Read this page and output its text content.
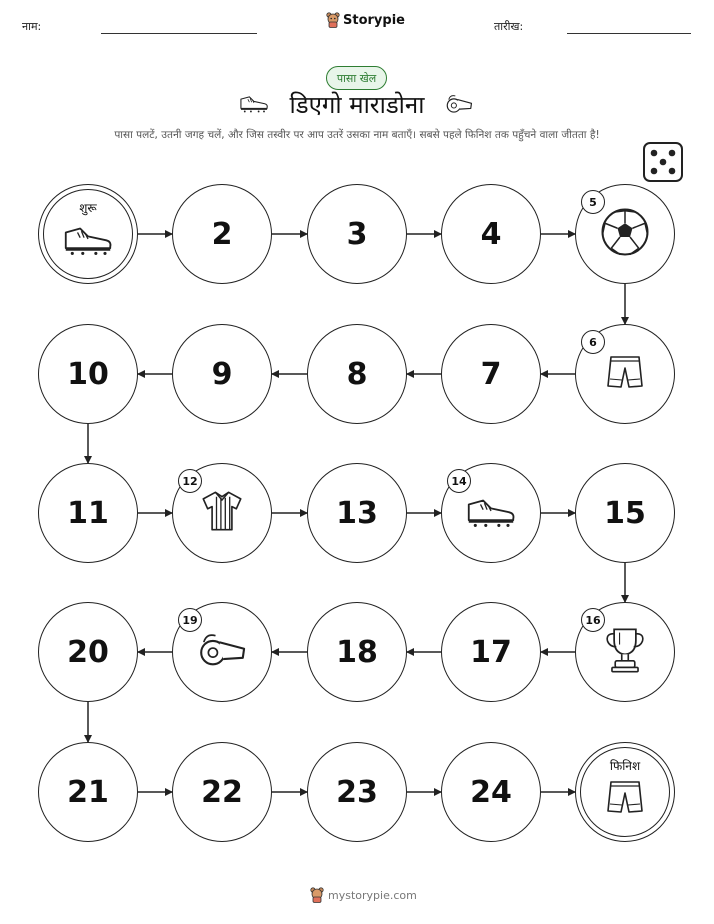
नाम:	Storypie	तारीख:
पासा खेल
डिएगो माराडोना
पासा पलटें, उतनी जगह चलें, और जिस तस्वीर पर आप उतरें उसका नाम बताएँ। सबसे पहले फिनिश तक पहुँचने वाला जीतता है!
शुरू
2	3	4
5
6
7
8
9
10
11
12
13
14
15
16
17
18
19
20
21	22	23	24
फिनिश
mystorypie.com
